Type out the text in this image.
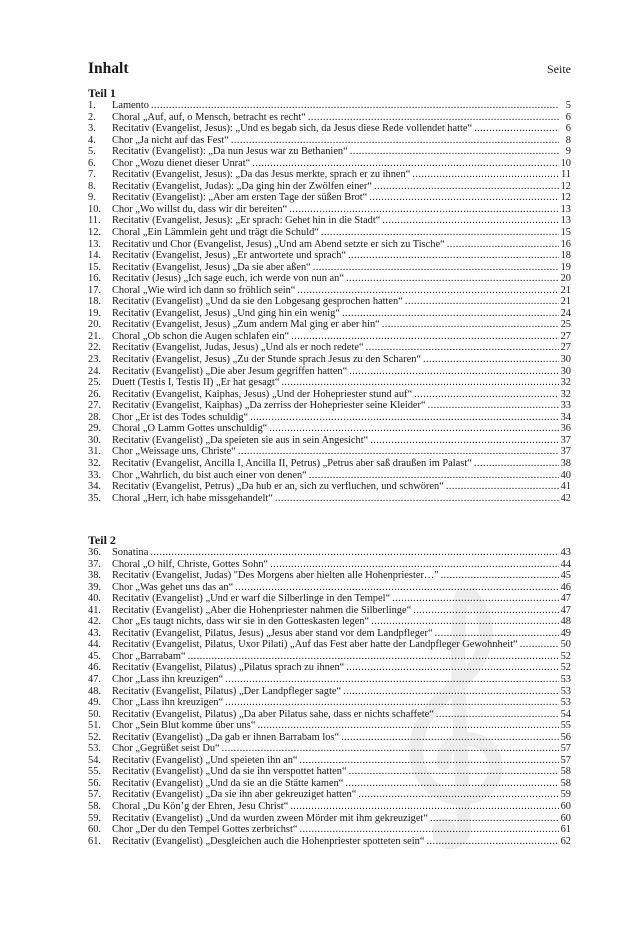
Inhalt	Seite
Teil 1
1.	Lamento .....	5
2.	Choral „Auf, auf, o Mensch, betracht es recht“ .....	6
3.	Recitativ (Evangelist, Jesus): „Und es begab sich, da Jesus diese Rede vollendet hatte“ .....	6
4.	Chor „Ja nicht auf das Fest“ .....	8
5.	Recitativ (Evangelist): „Da nun Jesus war zu Bethanien“ .....	9
6.	Chor „Wozu dienet dieser Unrat“ .....	10
7.	Recitativ (Evangelist, Jesus): „Da das Jesus merkte, sprach er zu ihnen“ .....	11
8.	Recitativ (Evangelist, Judas): „Da ging hin der Zwölfen einer“ .....	12
9.	Recitativ (Evangelist): „Aber am ersten Tage der süßen Brot“ .....	12
10.	Chor „Wo willst du, dass wir dir bereiten“ .....	13
11.	Recitativ (Evangelist, Jesus): „Er sprach: Gehet hin in die Stadt“ .....	13
12.	Choral „Ein Lämmlein geht und trägt die Schuld“ .....	15
13.	Recitativ und Chor (Evangelist, Jesus) „Und am Abend setzte er sich zu Tische“ .....	16
14.	Recitativ (Evangelist, Jesus) „Er antwortete und sprach“ .....	18
15.	Recitativ (Evangelist, Jesus) „Da sie aber aßen“ .....	19
16.	Recitativ (Jesus) „Ich sage euch, ich werde von nun an“ .....	20
17.	Choral „Wie wird ich dann so fröhlich sein“ .....	21
18.	Recitativ (Evangelist) „Und da sie den Lobgesang gesprochen hatten“ .....	21
19.	Recitativ (Evangelist, Jesus) „Und ging hin ein wenig“ .....	24
20.	Recitativ (Evangelist, Jesus) „Zum andern Mal ging er aber hin“ .....	25
21.	Choral „Ob schon die Augen schlafen ein“ .....	27
22.	Recitativ (Evangelist, Judas, Jesus) „Und als er noch redete“ .....	27
23.	Recitativ (Evangelist, Jesus) „Zu der Stunde sprach Jesus zu den Scharen“ .....	30
24.	Recitativ (Evangelist) „Die aber Jesum gegriffen hatten“ .....	30
25.	Duett (Testis I, Testis II) „Er hat gesagt“ .....	32
26.	Recitativ (Evangelist, Kaiphas, Jesus) „Und der Hohepriester stund auf“ .....	32
27.	Recitativ (Evangelist, Kaiphas) „Da zerriss der Hohepriester seine Kleider“ .....	33
28.	Chor „Er ist des Todes schuldig“ .....	34
29.	Choral „O Lamm Gottes unschuldig“ .....	36
30.	Recitativ (Evangelist) „Da speieten sie aus in sein Angesicht“ .....	37
31.	Chor „Weissage uns, Christe“ .....	37
32.	Recitativ (Evangelist, Ancilla I, Ancilla II, Petrus) „Petrus aber saß draußen im Palast“ .....	38
33.	Chor „Wahrlich, du bist auch einer von denen“ .....	40
34.	Recitativ (Evangelist, Petrus) „Da hub er an, sich zu verfluchen, und schwören“ .....	41
35.	Choral „Herr, ich habe missgehandelt“ .....	42
Teil 2
36.	Sonatina .....	43
37.	Choral „O hilf, Christe, Gottes Sohn“ .....	44
38.	Recitativ (Evangelist, Judas) "Des Morgens aber hielten alle Hohenpriester…" .....	45
39.	Chor „Was gehet uns das an“ .....	46
40.	Recitativ (Evangelist) „Und er warf die Silberlinge in den Tempel“ .....	47
41.	Recitativ (Evangelist) „Aber die Hohenpriester nahmen die Silberlinge“ .....	47
42.	Chor „Es taugt nichts, dass wir sie in den Gotteskasten legen“ .....	48
43.	Recitativ (Evangelist, Pilatus, Jesus) „Jesus aber stand vor dem Landpfleger“ .....	49
44.	Recitativ (Evangelist, Pilatus, Uxor Pilati) „Auf das Fest aber hatte der Landpfleger Gewohnheit“ .....	50
45.	Chor „Barrabam“ .....	52
46.	Recitativ (Evangelist, Pilatus) „Pilatus sprach zu ihnen“ .....	52
47.	Chor „Lass ihn kreuzigen“ .....	53
48.	Recitativ (Evangelist, Pilatus) „Der Landpfleger sagte“ .....	53
49.	Chor „Lass ihn kreuzigen“ .....	53
50.	Recitativ (Evangelist, Pilatus) „Da aber Pilatus sahe, dass er nichts schaffete“ .....	54
51.	Chor „Sein Blut komme über uns“ .....	55
52.	Recitativ (Evangelist) „Da gab er ihnen Barrabam los“ .....	56
53.	Chor „Gegrüßet seist Du“ .....	57
54.	Recitativ (Evangelist) „Und speieten ihn an“ .....	57
55.	Recitativ (Evangelist) „Und da sie ihn verspottet hatten“ .....	58
56.	Recitativ (Evangelist) „Und da sie an die Stätte kamen“ .....	58
57.	Recitativ (Evangelist) „Da sie ihn aber gekreuziget hatten“ .....	59
58.	Choral „Du Kön’g der Ehren, Jesu Christ“ .....	60
59.	Recitativ (Evangelist) „Und da wurden zween Mörder mit ihm gekreuziget“ .....	60
60.	Chor „Der du den Tempel Gottes zerbrichst“ .....	61
61.	Recitativ (Evangelist) „Desgleichen auch die Hohenpriester spotteten sein“ .....	62
